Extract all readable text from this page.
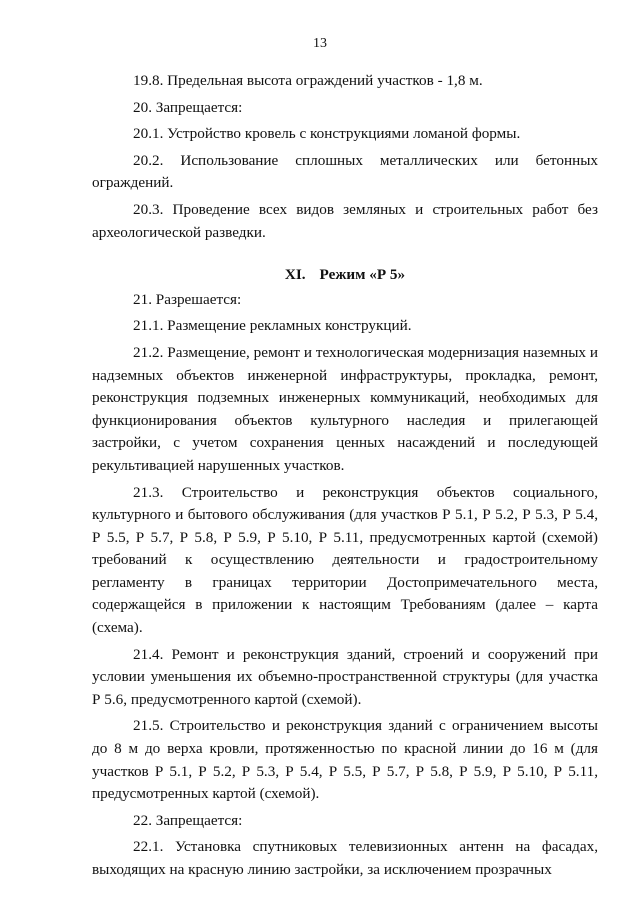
13

19.8. Предельная высота ограждений участков - 1,8 м.

20. Запрещается:

20.1. Устройство кровель с конструкциями ломаной формы.

20.2. Использование сплошных металлических или бетонных ограждений.

20.3. Проведение всех видов земляных и строительных работ без археологической разведки.

XI. Режим «Р 5»

21. Разрешается:

21.1. Размещение рекламных конструкций.

21.2. Размещение, ремонт и технологическая модернизация наземных и надземных объектов инженерной инфраструктуры, прокладка, ремонт, реконструкция подземных инженерных коммуникаций, необходимых для функционирования объектов культурного наследия и прилегающей застройки, с учетом сохранения ценных насаждений и последующей рекультивацией нарушенных участков.

21.3. Строительство и реконструкция объектов социального, культурного и бытового обслуживания (для участков Р 5.1, Р 5.2, Р 5.3, Р 5.4, Р 5.5, Р 5.7, Р 5.8, Р 5.9, Р 5.10, Р 5.11, предусмотренных картой (схемой) требований к осуществлению деятельности и градостроительному регламенту в границах территории Достопримечательного места, содержащейся в приложении к настоящим Требованиям (далее – карта (схема).

21.4. Ремонт и реконструкция зданий, строений и сооружений при условии уменьшения их объемно-пространственной структуры (для участка Р 5.6, предусмотренного картой (схемой).

21.5. Строительство и реконструкция зданий с ограничением высоты до 8 м до верха кровли, протяженностью по красной линии до 16 м (для участков Р 5.1, Р 5.2, Р 5.3, Р 5.4, Р 5.5, Р 5.7, Р 5.8, Р 5.9, Р 5.10, Р 5.11, предусмотренных картой (схемой).

22. Запрещается:

22.1. Установка спутниковых телевизионных антенн на фасадах, выходящих на красную линию застройки, за исключением прозрачных
